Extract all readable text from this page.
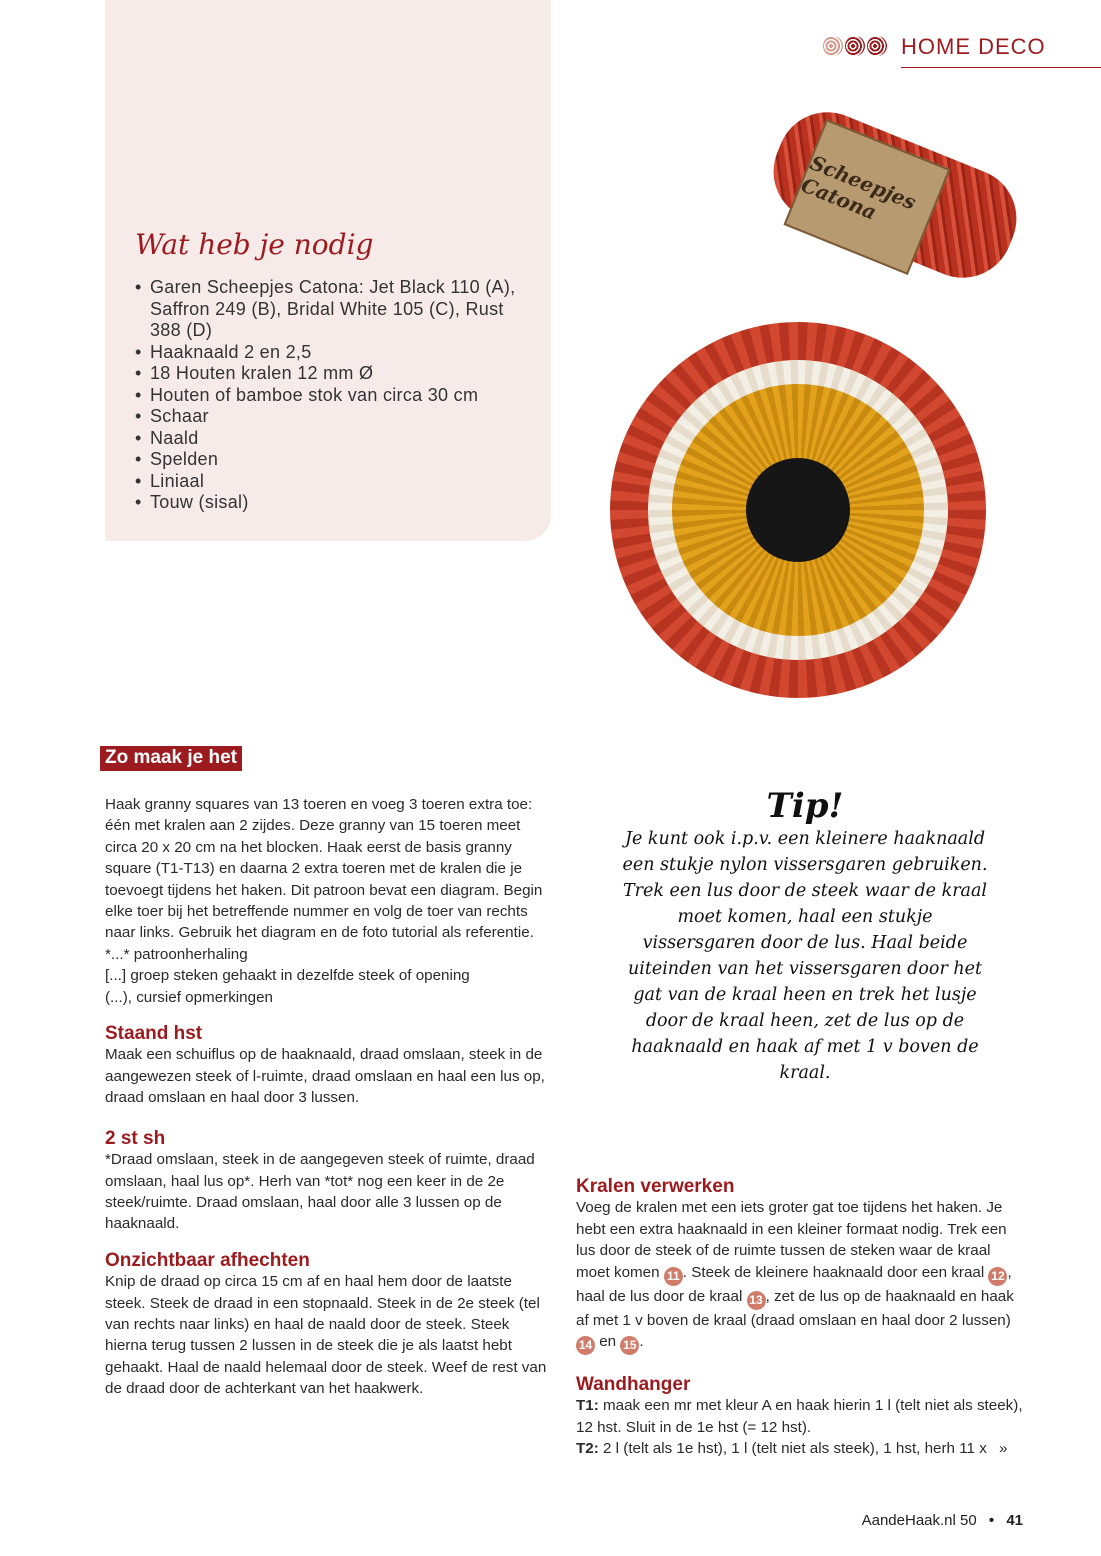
HOME DECO
Wat heb je nodig
• Garen Scheepjes Catona: Jet Black 110 (A), Saffron 249 (B), Bridal White 105 (C), Rust 388 (D)
• Haaknaald 2 en 2,5
• 18 Houten kralen 12 mm Ø
• Houten of bamboe stok van circa 30 cm
• Schaar
• Naald
• Spelden
• Liniaal
• Touw (sisal)
Scheepjes Catona
Zo maak je het
Haak granny squares van 13 toeren en voeg 3 toeren extra toe: één met kralen aan 2 zijdes. Deze granny van 15 toeren meet circa 20 x 20 cm na het blocken. Haak eerst de basis granny square (T1-T13) en daarna 2 extra toeren met de kralen die je toevoegt tijdens het haken. Dit patroon bevat een diagram. Begin elke toer bij het betreffende nummer en volg de toer van rechts naar links. Gebruik het diagram en de foto tutorial als referentie.
*...* patroonherhaling
[...] groep steken gehaakt in dezelfde steek of opening
(...), cursief opmerkingen
Staand hst
Maak een schuiflus op de haaknaald, draad omslaan, steek in de aangewezen steek of l-ruimte, draad omslaan en haal een lus op, draad omslaan en haal door 3 lussen.
2 st sh
*Draad omslaan, steek in de aangegeven steek of ruimte, draad omslaan, haal lus op*. Herh van *tot* nog een keer in de 2e steek/ruimte. Draad omslaan, haal door alle 3 lussen op de haaknaald.
Onzichtbaar afhechten
Knip de draad op circa 15 cm af en haal hem door de laatste steek. Steek de draad in een stopnaald. Steek in de 2e steek (tel van rechts naar links) en haal de naald door de steek. Steek hierna terug tussen 2 lussen in de steek die je als laatst hebt gehaakt. Haal de naald helemaal door de steek. Weef de rest van de draad door de achterkant van het haakwerk.
Tip!
Je kunt ook i.p.v. een kleinere haaknaald een stukje nylon vissersgaren gebruiken. Trek een lus door de steek waar de kraal moet komen, haal een stukje vissersgaren door de lus. Haal beide uiteinden van het vissersgaren door het gat van de kraal heen en trek het lusje door de kraal heen, zet de lus op de haaknaald en haak af met 1 v boven de kraal.
Kralen verwerken
Voeg de kralen met een iets groter gat toe tijdens het haken. Je hebt een extra haaknaald in een kleiner formaat nodig. Trek een lus door de steek of de ruimte tussen de steken waar de kraal moet komen 11 . Steek de kleinere haaknaald door een kraal 12 , haal de lus door de kraal 13 , zet de lus op de haaknaald en haak af met 1 v boven de kraal (draad omslaan en haal door 2 lussen) 14 en 15 .
Wandhanger
T1: maak een mr met kleur A en haak hierin 1 l (telt niet als steek), 12 hst. Sluit in de 1e hst (= 12 hst).
T2: 2 l (telt als 1e hst), 1 l (telt niet als steek), 1 hst, herh 11 x »
AandeHaak.nl 50 • 41
